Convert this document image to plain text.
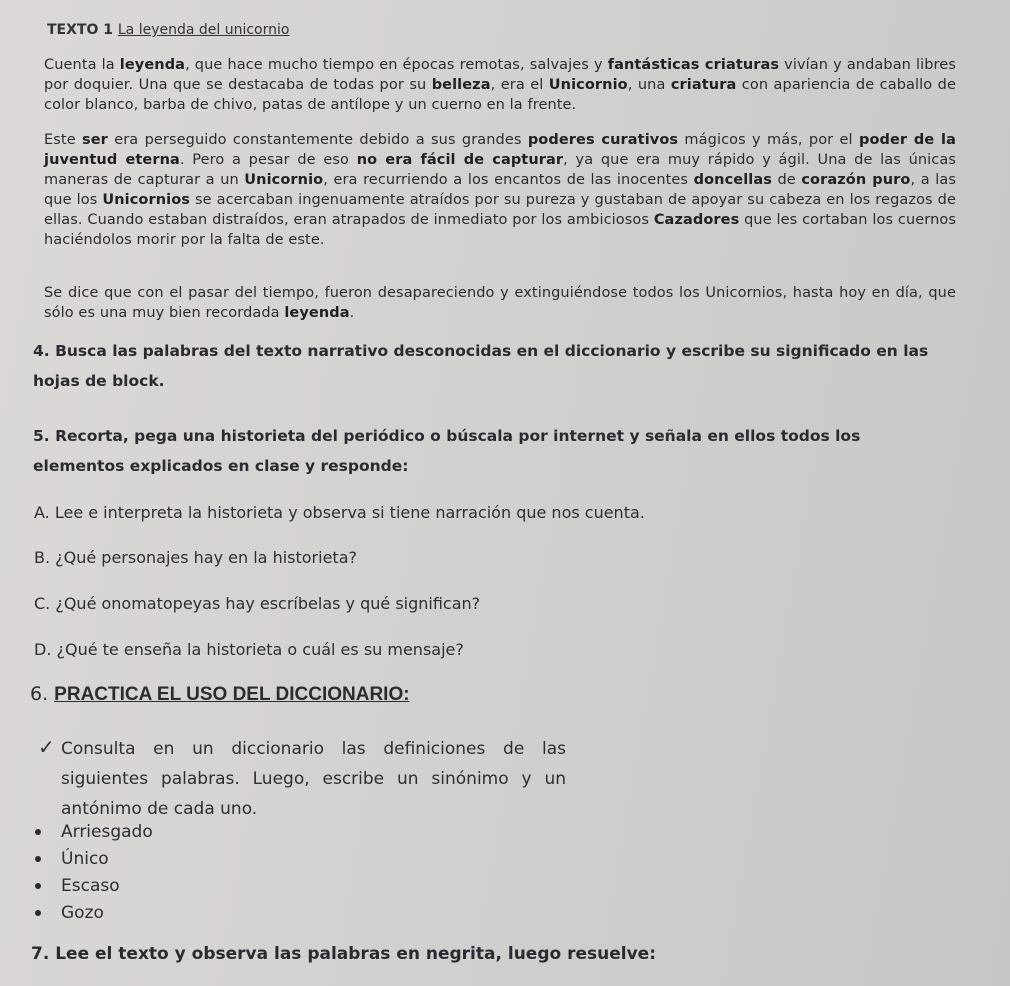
TEXTO 1 La leyenda del unicornio

Cuenta la leyenda, que hace mucho tiempo en épocas remotas, salvajes y fantásticas criaturas vivían y andaban libres por doquier. Una que se destacaba de todas por su belleza, era el Unicornio, una criatura con apariencia de caballo de color blanco, barba de chivo, patas de antílope y un cuerno en la frente.

Este ser era perseguido constantemente debido a sus grandes poderes curativos mágicos y más, por el poder de la juventud eterna. Pero a pesar de eso no era fácil de capturar, ya que era muy rápido y ágil. Una de las únicas maneras de capturar a un Unicornio, era recurriendo a los encantos de las inocentes doncellas de corazón puro, a las que los Unicornios se acercaban ingenuamente atraídos por su pureza y gustaban de apoyar su cabeza en los regazos de ellas. Cuando estaban distraídos, eran atrapados de inmediato por los ambiciosos Cazadores que les cortaban los cuernos haciéndolos morir por la falta de este.

Se dice que con el pasar del tiempo, fueron desapareciendo y extinguiéndose todos los Unicornios, hasta hoy en día, que sólo es una muy bien recordada leyenda.

4. Busca las palabras del texto narrativo desconocidas en el diccionario y escribe su significado en las hojas de block.

5. Recorta, pega una historieta del periódico o búscala por internet y señala en ellos todos los elementos explicados en clase y responde:

A. Lee e interpreta la historieta y observa si tiene narración que nos cuenta.

B. ¿Qué personajes hay en la historieta?

C. ¿Qué onomatopeyas hay escríbelas y qué significan?

D. ¿Qué te enseña la historieta o cuál es su mensaje?

6. PRACTICA EL USO DEL DICCIONARIO:

✓ Consulta en un diccionario las definiciones de las siguientes palabras. Luego, escribe un sinónimo y un antónimo de cada uno.

Arriesgado
Único
Escaso
Gozo

7. Lee el texto y observa las palabras en negrita, luego resuelve:
